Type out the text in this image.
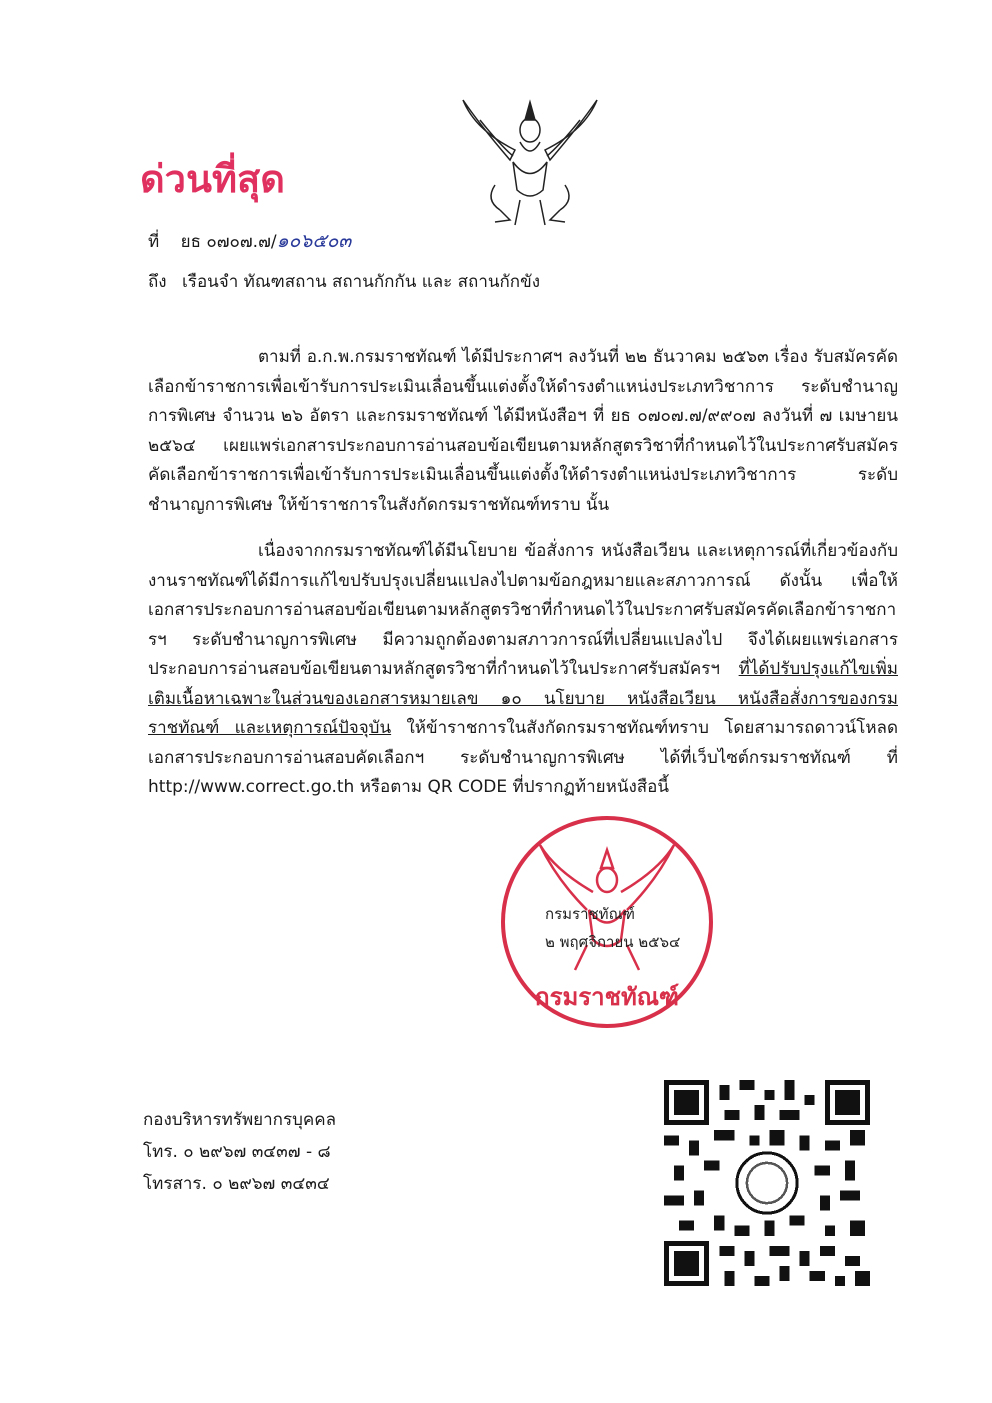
ด่วนที่สุด
ที่ ยธ ๐๗๐๗.๗/๑๐๖๕๐๓
ถึง เรือนจำ ทัณฑสถาน สถานกักกัน และ สถานกักขัง
ตามที่ อ.ก.พ.กรมราชทัณฑ์ ได้มีประกาศฯ ลงวันที่ ๒๒ ธันวาคม ๒๕๖๓ เรื่อง รับสมัครคัดเลือกข้าราชการเพื่อเข้ารับการประเมินเลื่อนขึ้นแต่งตั้งให้ดำรงตำแหน่งประเภทวิชาการ ระดับชำนาญการพิเศษ จำนวน ๒๖ อัตรา และกรมราชทัณฑ์ ได้มีหนังสือฯ ที่ ยธ ๐๗๐๗.๗/๙๙๐๗ ลงวันที่ ๗ เมษายน ๒๕๖๔ เผยแพร่เอกสารประกอบการอ่านสอบข้อเขียนตามหลักสูตรวิชาที่กำหนดไว้ในประกาศรับสมัครคัดเลือกข้าราชการเพื่อเข้ารับการประเมินเลื่อนขึ้นแต่งตั้งให้ดำรงตำแหน่งประเภทวิชาการ ระดับชำนาญการพิเศษ ให้ข้าราชการในสังกัดกรมราชทัณฑ์ทราบ นั้น
เนื่องจากกรมราชทัณฑ์ได้มีนโยบาย ข้อสั่งการ หนังสือเวียน และเหตุการณ์ที่เกี่ยวข้องกับงานราชทัณฑ์ได้มีการแก้ไขปรับปรุงเปลี่ยนแปลงไปตามข้อกฎหมายและสภาวการณ์ ดังนั้น เพื่อให้เอกสารประกอบการอ่านสอบข้อเขียนตามหลักสูตรวิชาที่กำหนดไว้ในประกาศรับสมัครคัดเลือกข้าราชการฯ ระดับชำนาญการพิเศษ มีความถูกต้องตามสภาวการณ์ที่เปลี่ยนแปลงไป จึงได้เผยแพร่เอกสารประกอบการอ่านสอบข้อเขียนตามหลักสูตรวิชาที่กำหนดไว้ในประกาศรับสมัครฯ ที่ได้ปรับปรุงแก้ไขเพิ่มเติมเนื้อหาเฉพาะในส่วนของเอกสารหมายเลข ๑๐ นโยบาย หนังสือเวียน หนังสือสั่งการของกรมราชทัณฑ์ และเหตุการณ์ปัจจุบัน ให้ข้าราชการในสังกัดกรมราชทัณฑ์ทราบ โดยสามารถดาวน์โหลดเอกสารประกอบการอ่านสอบคัดเลือกฯ ระดับชำนาญการพิเศษ ได้ที่เว็บไซต์กรมราชทัณฑ์ ที่ http://www.correct.go.th หรือตาม QR CODE ที่ปรากฏท้ายหนังสือนี้
กรมราชทัณฑ์
กรมราชทัณฑ์
๒ พฤศจิกายน ๒๕๖๔
กองบริหารทรัพยากรบุคคล
โทร. ๐ ๒๙๖๗ ๓๔๓๗ - ๘
โทรสาร. ๐ ๒๙๖๗ ๓๔๓๔
